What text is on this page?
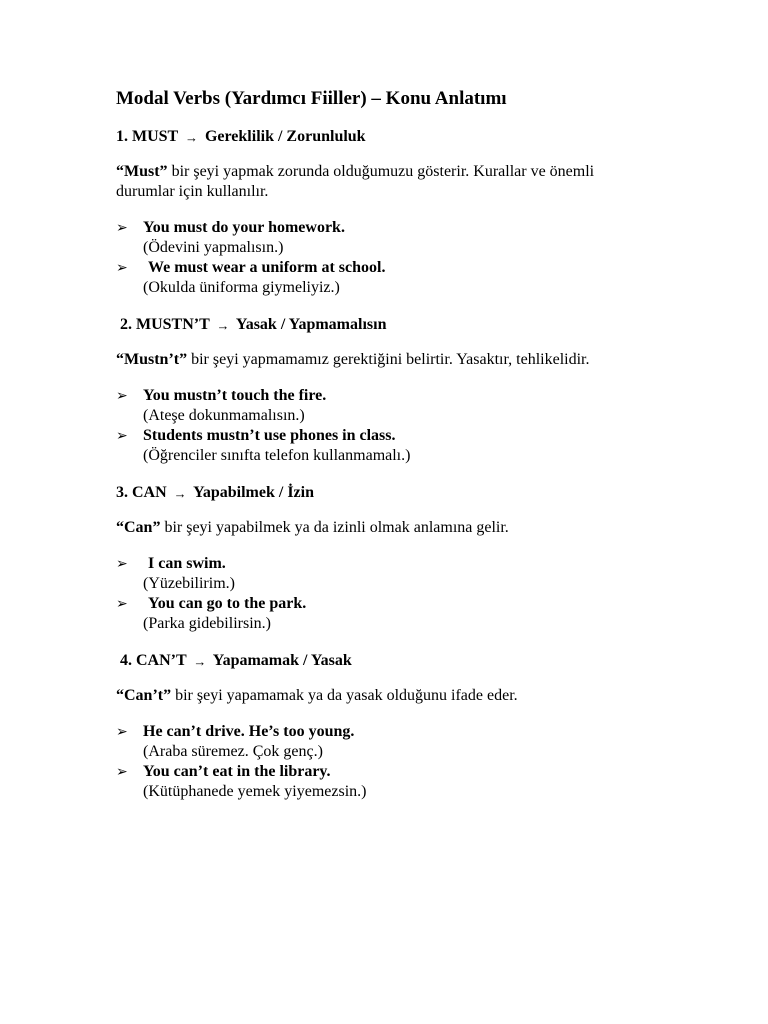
Modal Verbs (Yardımcı Fiiller) – Konu Anlatımı
1. MUST → Gereklilik / Zorunluluk
“Must” bir şeyi yapmak zorunda olduğumuzu gösterir. Kurallar ve önemli durumlar için kullanılır.
➢ You must do your homework.
(Ödevini yapmalısın.)
➢	We must wear a uniform at school.
(Okulda üniforma giymeliyiz.)
2. MUSTN’T → Yasak / Yapmamalısın
“Mustn’t” bir şeyi yapmamamız gerektiğini belirtir. Yasaktır, tehlikelidir.
➢ You mustn’t touch the fire.
(Ateşe dokunmamalısın.)
➢ Students mustn’t use phones in class.
(Öğrenciler sınıfta telefon kullanmamalı.)
3. CAN → Yapabilmek / İzin
“Can” bir şeyi yapabilmek ya da izinli olmak anlamına gelir.
➢	I can swim.
(Yüzebilirim.)
➢	You can go to the park.
(Parka gidebilirsin.)
4. CAN’T → Yapamamak / Yasak
“Can’t” bir şeyi yapamamak ya da yasak olduğunu ifade eder.
➢ He can’t drive. He’s too young.
(Araba süremez. Çok genç.)
➢ You can’t eat in the library.
(Kütüphanede yemek yiyemezsin.)
